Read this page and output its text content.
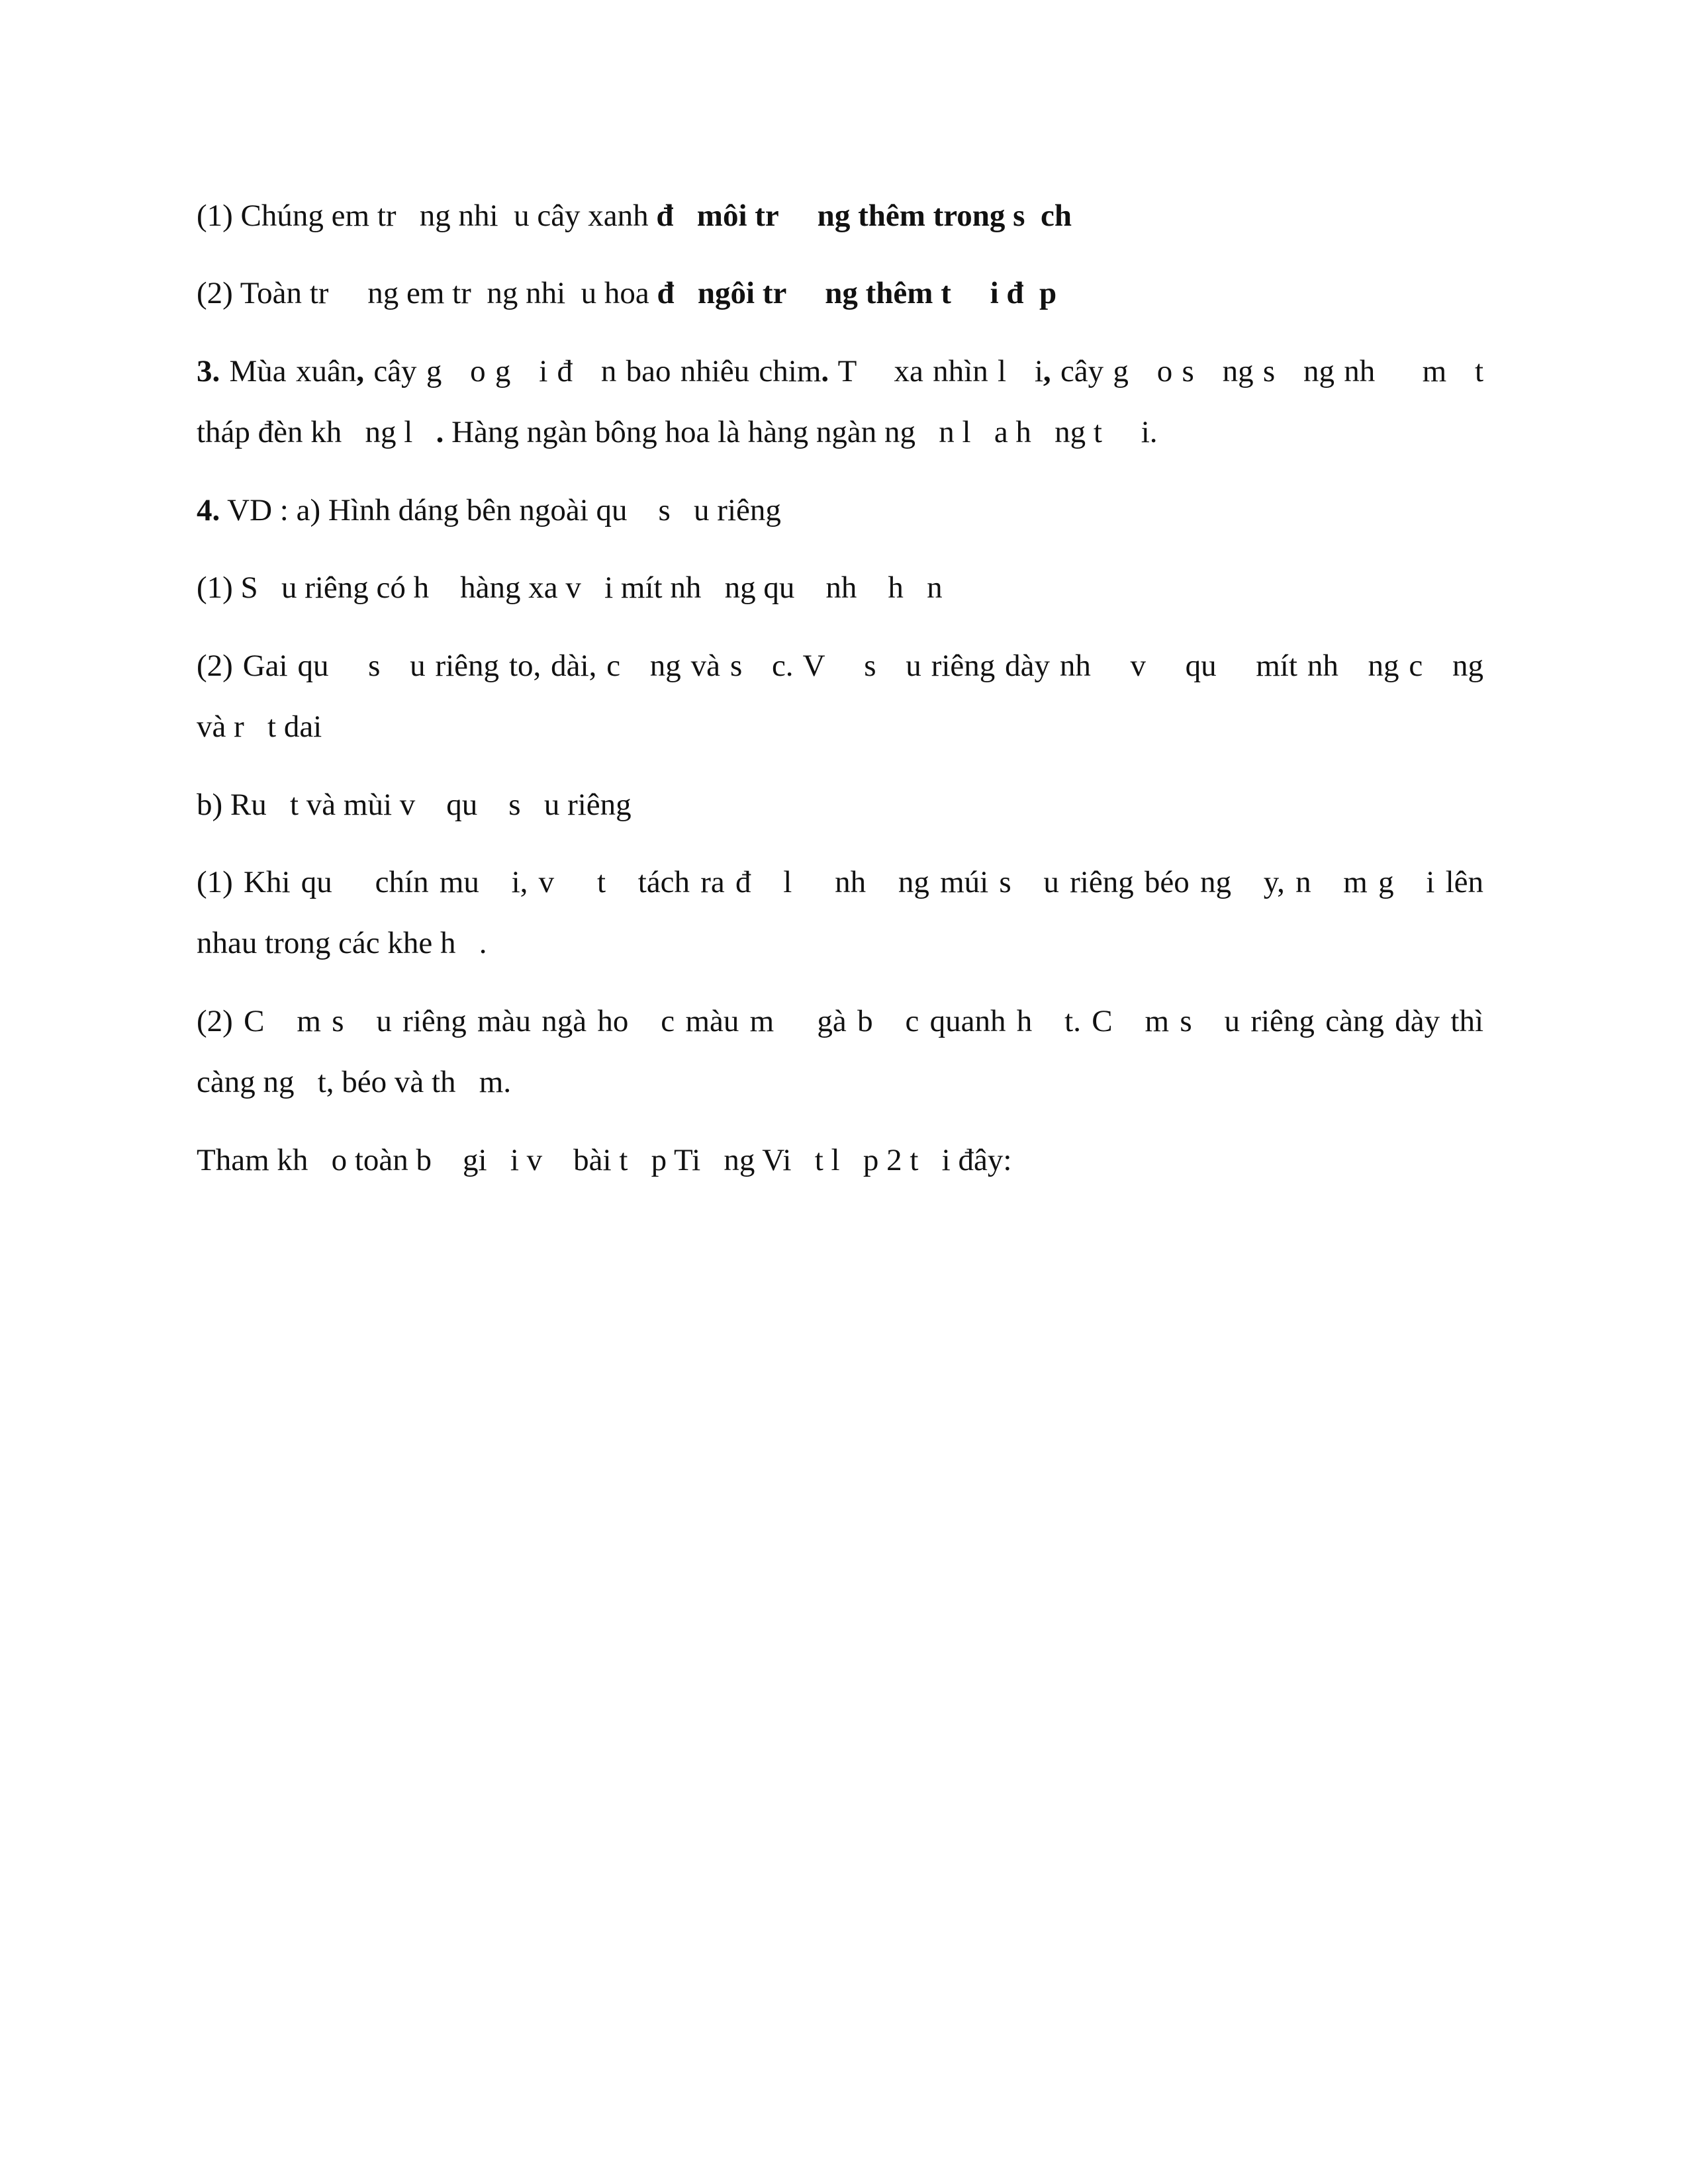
(1) Chúng em tr   ng nhi  u cây xanh đ   môi tr     ng thêm trong s  ch

(2) Toàn tr     ng em tr  ng nhi  u hoa đ   ngôi tr     ng thêm t     i đ  p

3. Mùa xuân, cây g   o g   i đ   n bao nhiêu chim. T    xa nhìn l   i, cây g   o s   ng s   ng nh     m   t

tháp đèn kh   ng l   . Hàng ngàn bông hoa là hàng ngàn ng   n l   a h   ng t     i.

4. VD : a) Hình dáng bên ngoài qu    s   u riêng

(1) S   u riêng có h    hàng xa v   i mít nh   ng qu    nh    h   n

(2) Gai qu    s   u riêng to, dài, c   ng và s   c. V    s   u riêng dày nh    v    qu    mít nh   ng c   ng

và r   t dai

b) Ru   t và mùi v    qu    s   u riêng

(1) Khi qu    chín mu   i, v    t   tách ra đ   l    nh   ng múi s   u riêng béo ng   y, n   m g   i lên

nhau trong các khe h   .

(2) C   m s   u riêng màu ngà ho   c màu m    gà b   c quanh h   t. C   m s   u riêng càng dày thì

càng ng   t, béo và th   m.

Tham kh   o toàn b    gi   i v    bài t   p Ti   ng Vi   t l   p 2 t   i đây:
